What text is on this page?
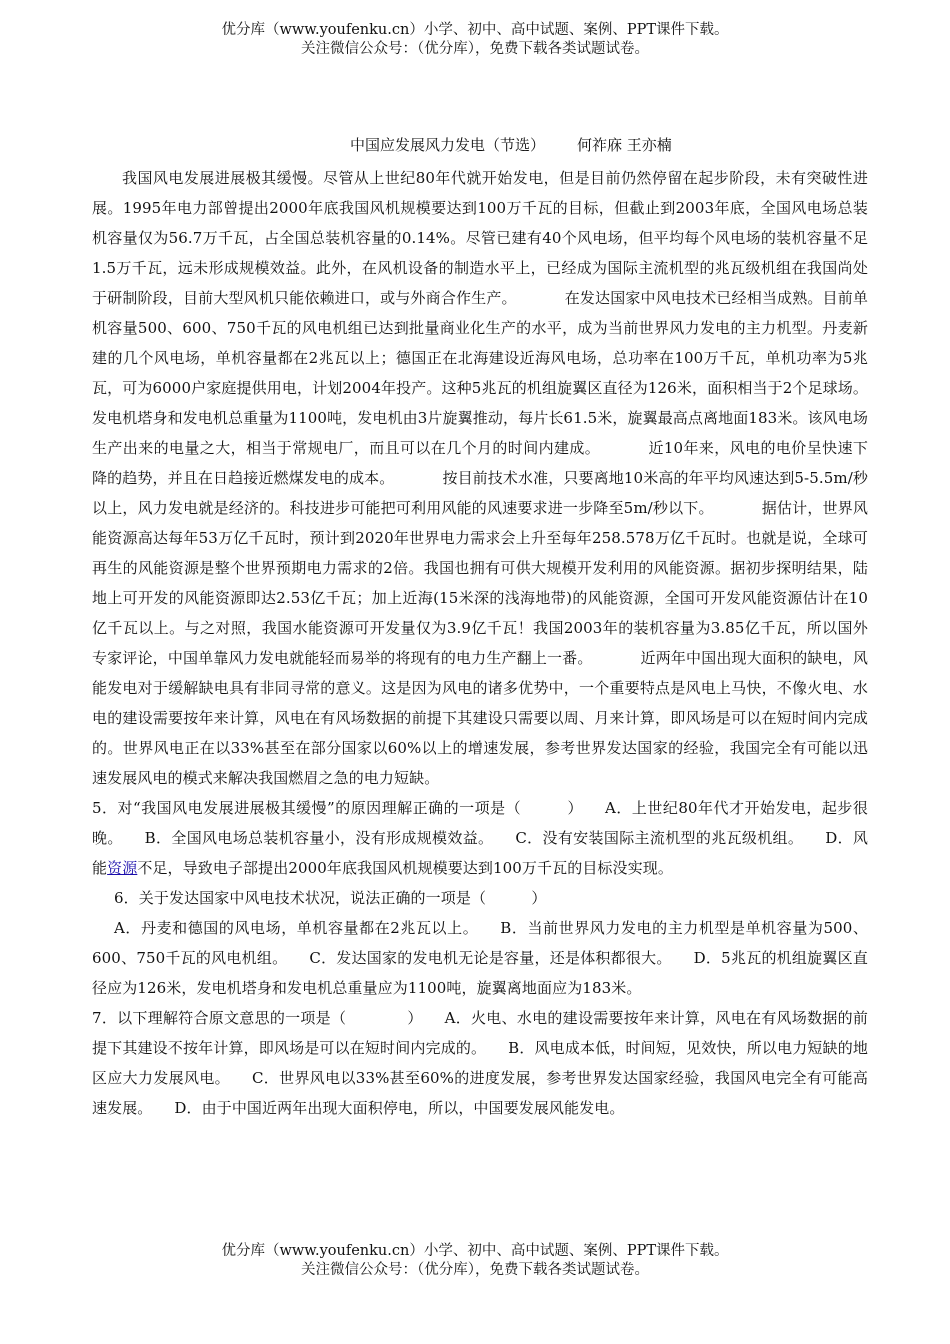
优分库（www.youfenku.cn）小学、初中、高中试题、案例、PPT课件下载。
关注微信公众号：（优分库），免费下载各类试题试卷。
中国应发展风力发电（节选） 何祚庥 王亦楠

我国风电发展进展极其缓慢。尽管从上世纪80年代就开始发电，但是目前仍然停留在起步阶段，未有突破性进展。1995年电力部曾提出2000年底我国风机规模要达到100万千瓦的目标，但截止到2003年底，全国风电场总装机容量仅为56.7万千瓦，占全国总装机容量的0.14%。尽管已建有40个风电场，但平均每个风电场的装机容量不足1.5万千瓦，远未形成规模效益。此外，在风机设备的制造水平上，已经成为国际主流机型的兆瓦级机组在我国尚处于研制阶段，目前大型风机只能依赖进口，或与外商合作生产。	在发达国家中风电技术已经相当成熟。目前单机容量500、600、750千瓦的风电机组已达到批量商业化生产的水平，成为当前世界风力发电的主力机型。丹麦新建的几个风电场，单机容量都在2兆瓦以上；德国正在北海建设近海风电场，总功率在100万千瓦，单机功率为5兆瓦，可为6000户家庭提供用电，计划2004年投产。这种5兆瓦的机组旋翼区直径为126米，面积相当于2个足球场。发电机塔身和发电机总重量为1100吨，发电机由3片旋翼推动，每片长61.5米，旋翼最高点离地面183米。该风电场生产出来的电量之大，相当于常规电厂，而且可以在几个月的时间内建成。	近10年来，风电的电价呈快速下降的趋势，并且在日趋接近燃煤发电的成本。	按目前技术水准，只要离地10米高的年平均风速达到5-5.5m/秒以上，风力发电就是经济的。科技进步可能把可利用风能的风速要求进一步降至5m/秒以下。	据估计，世界风能资源高达每年53万亿千瓦时，预计到2020年世界电力需求会上升至每年258.578万亿千瓦时。也就是说，全球可再生的风能资源是整个世界预期电力需求的2倍。我国也拥有可供大规模开发利用的风能资源。据初步探明结果，陆地上可开发的风能资源即达2.53亿千瓦；加上近海(15米深的浅海地带)的风能资源，全国可开发风能资源估计在10亿千瓦以上。与之对照，我国水能资源可开发量仅为3.9亿千瓦！我国2003年的装机容量为3.85亿千瓦，所以国外专家评论，中国单靠风力发电就能轻而易举的将现有的电力生产翻上一番。	近两年中国出现大面积的缺电，风能发电对于缓解缺电具有非同寻常的意义。这是因为风电的诸多优势中，一个重要特点是风电上马快，不像火电、水电的建设需要按年来计算，风电在有风场数据的前提下其建设只需要以周、月来计算，即风场是可以在短时间内完成的。世界风电正在以33%甚至在部分国家以60%以上的增速发展，参考世界发达国家的经验，我国完全有可能以迅速发展风电的模式来解决我国燃眉之急的电力短缺。

5．对“我国风电发展进展极其缓慢”的原因理解正确的一项是（　　　） A．上世纪80年代才开始发电，起步很晚。 B．全国风电场总装机容量小，没有形成规模效益。 C．没有安装国际主流机型的兆瓦级机组。 D．风能资源不足，导致电子部提出2000年底我国风机规模要达到100万千瓦的目标没实现。

6．关于发达国家中风电技术状况，说法正确的一项是（　　　）

A．丹麦和德国的风电场，单机容量都在2兆瓦以上。 B．当前世界风力发电的主力机型是单机容量为500、600、750千瓦的风电机组。 C．发达国家的发电机无论是容量，还是体积都很大。 D．5兆瓦的机组旋翼区直径应为126米，发电机塔身和发电机总重量应为1100吨，旋翼离地面应为183米。

7．以下理解符合原文意思的一项是（　　　　） A．火电、水电的建设需要按年来计算，风电在有风场数据的前提下其建设不按年计算，即风场是可以在短时间内完成的。 B．风电成本低，时间短，见效快，所以电力短缺的地区应大力发展风电。 C．世界风电以33%甚至60%的进度发展，参考世界发达国家经验，我国风电完全有可能高速发展。 D．由于中国近两年出现大面积停电，所以，中国要发展风能发电。

优分库（www.youfenku.cn）小学、初中、高中试题、案例、PPT课件下载。
关注微信公众号：（优分库），免费下载各类试题试卷。
